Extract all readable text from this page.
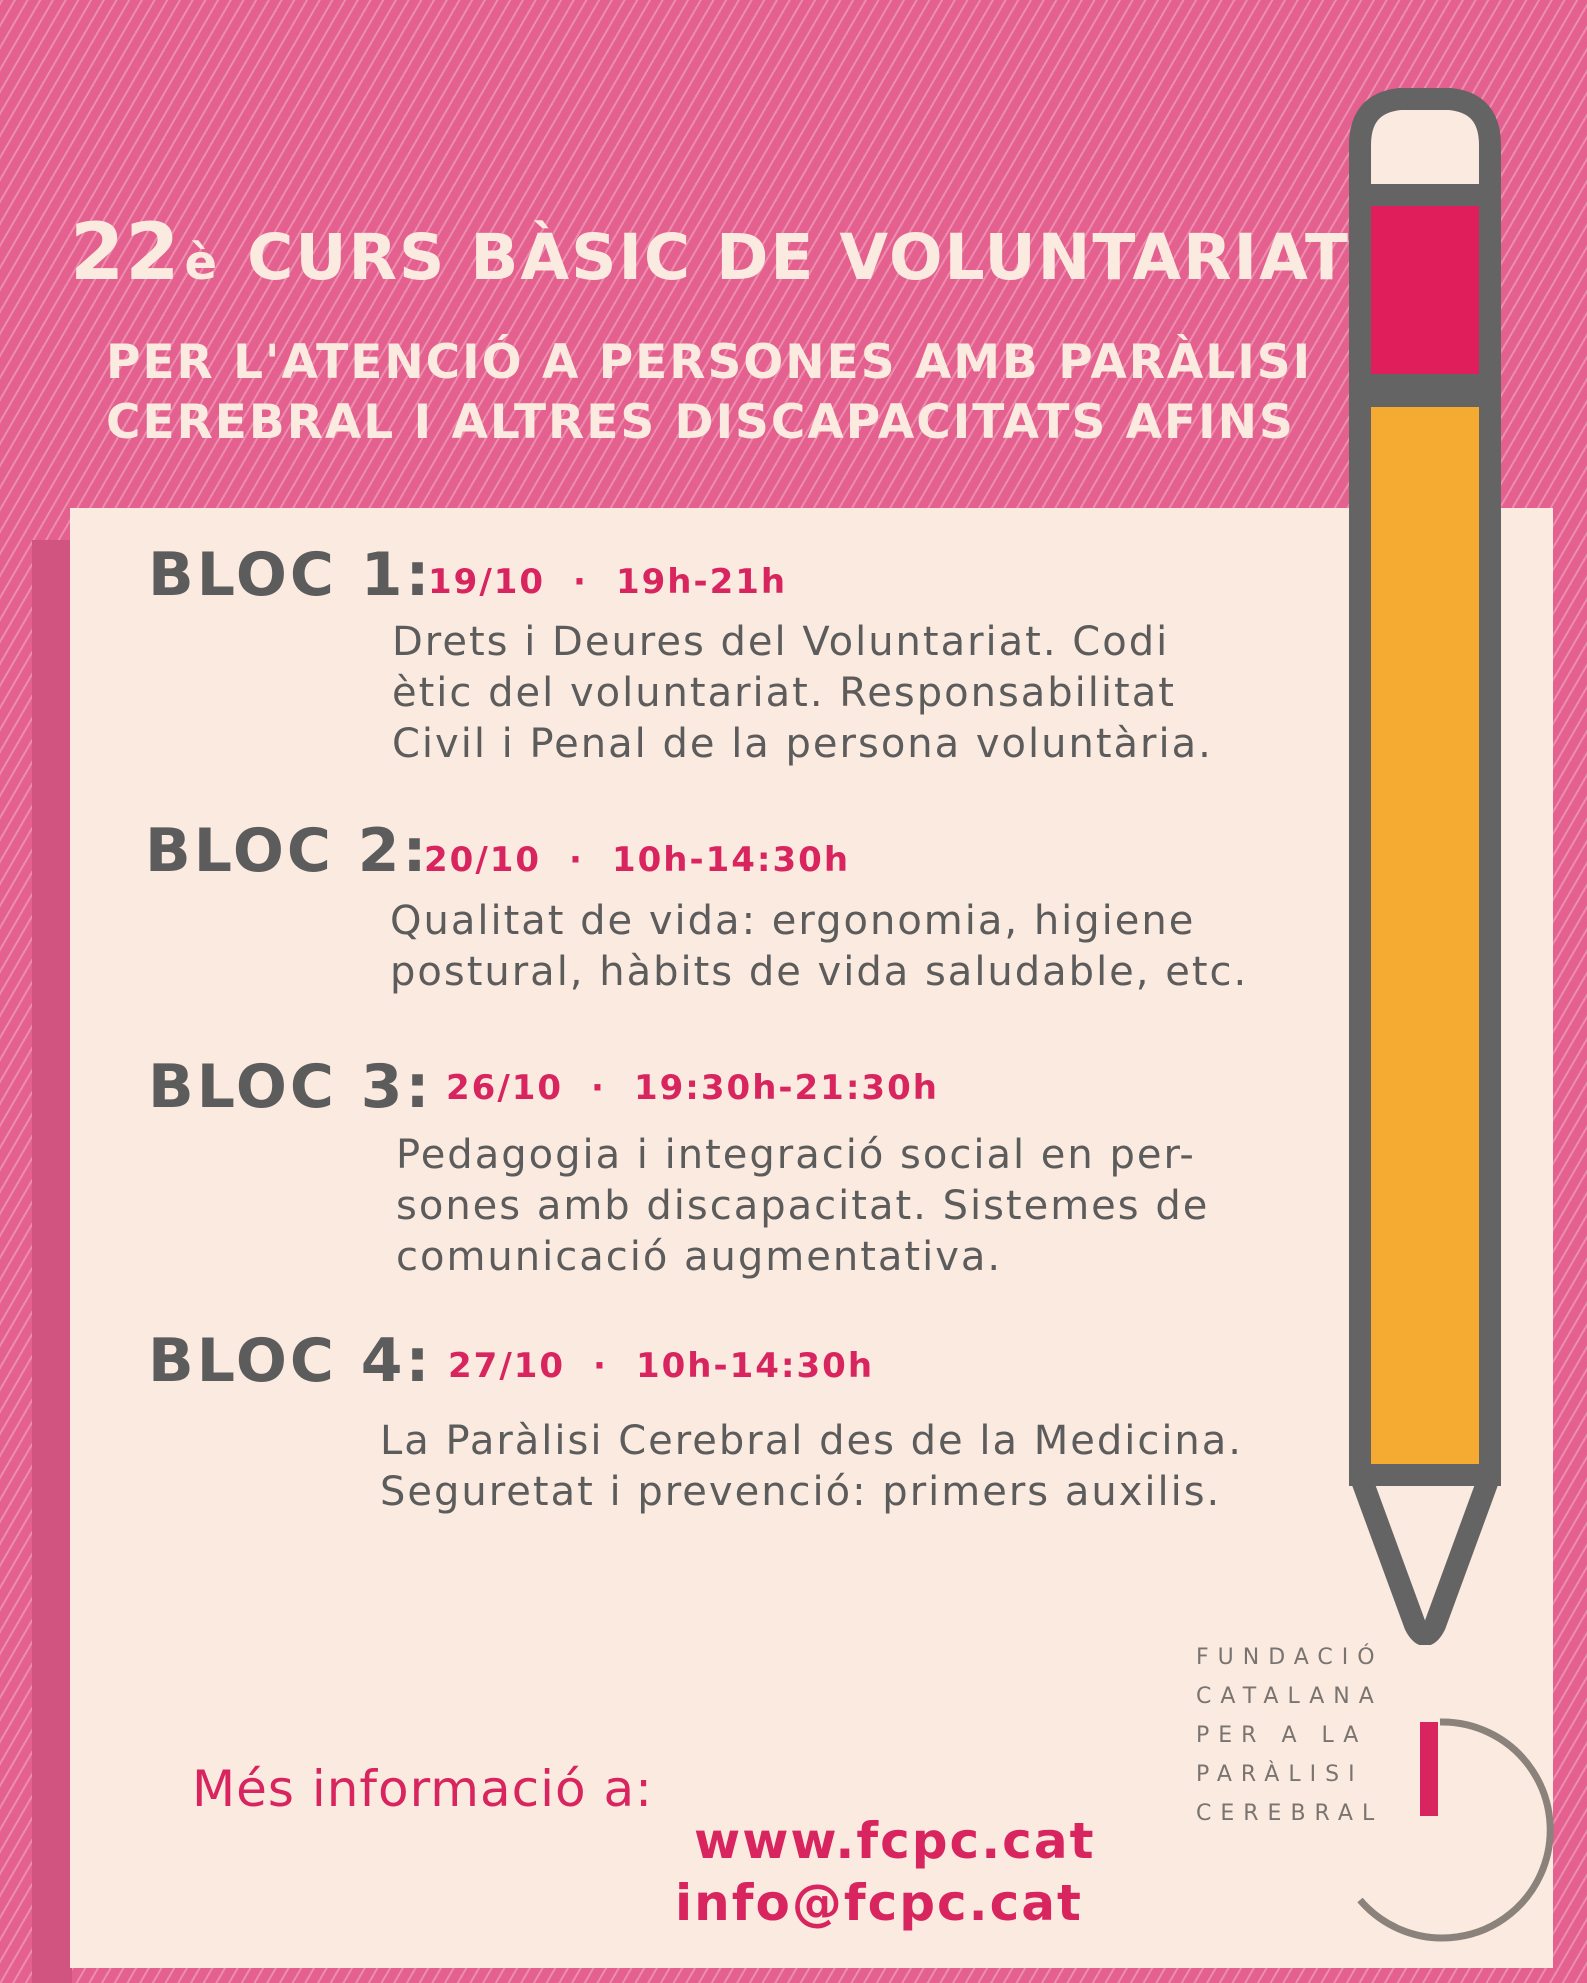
22è CURS BÀSIC DE VOLUNTARIAT
PER L'ATENCIÓ A PERSONES AMB PARÀLISI
CEREBRAL I ALTRES DISCAPACITATS AFINS
BLOC 1:
19/10 · 19h-21h
Drets i Deures del Voluntariat. Codi
ètic del voluntariat. Responsabilitat
Civil i Penal de la persona voluntària.
BLOC 2:
20/10 · 10h-14:30h
Qualitat de vida: ergonomia, higiene
postural, hàbits de vida saludable, etc.
BLOC 3: 26/10 · 19:30h-21:30h
Pedagogia i integració social en per-
sones amb discapacitat. Sistemes de
comunicació augmentativa.
BLOC 4: 27/10 · 10h-14:30h
La Paràlisi Cerebral des de la Medicina.
Seguretat i prevenció: primers auxilis.
Més informació a:
www.fcpc.cat
info@fcpc.cat
FUNDACIÓ
CATALANA
PER A LA
PARÀLISI
CEREBRAL
